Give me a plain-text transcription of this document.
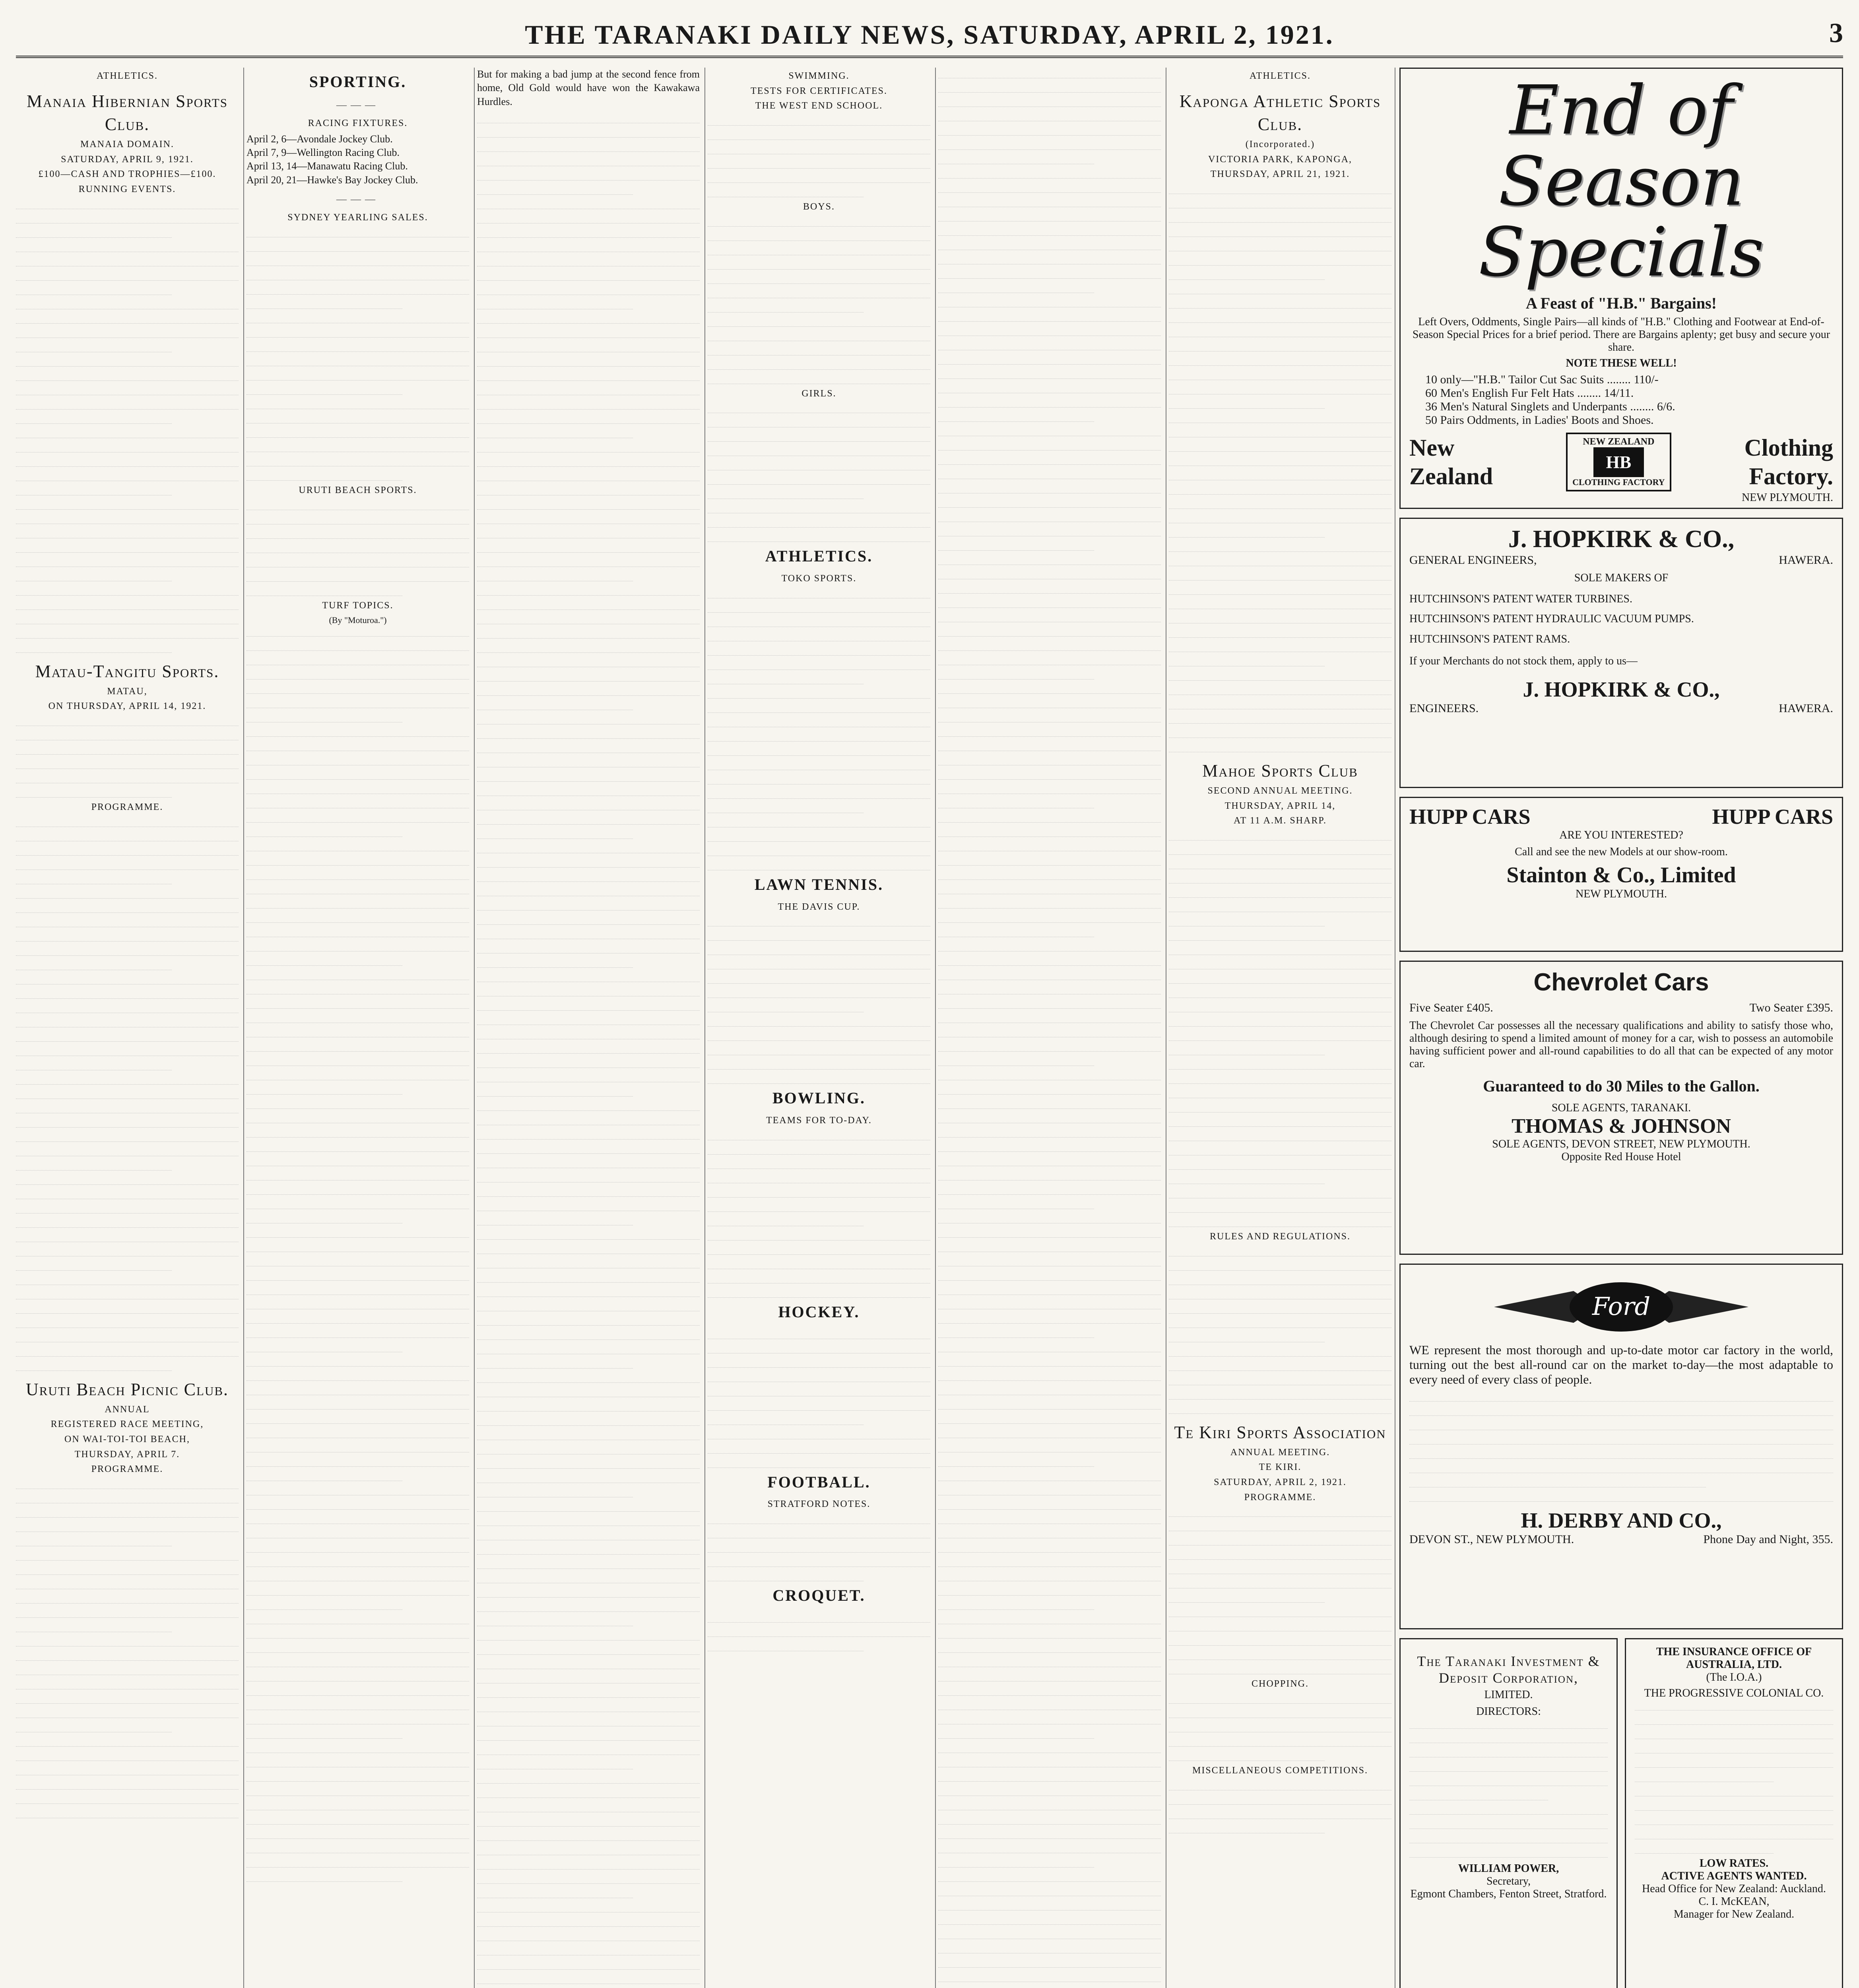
THE TARANAKI DAILY NEWS, SATURDAY, APRIL 2, 1921.	3
ATHLETICS.
Manaia Hibernian Sports Club.
MANAIA DOMAIN.
SATURDAY, APRIL 9, 1921.
£100—CASH AND TROPHIES—£100.
RUNNING EVENTS.
Matau-Tangitu Sports.
MATAU,
ON THURSDAY, APRIL 14, 1921.
PROGRAMME.
Uruti Beach Picnic Club.
ANNUAL
REGISTERED RACE MEETING,
ON WAI-TOI-TOI BEACH,
THURSDAY, APRIL 7.
PROGRAMME.
SPORTING.
———
RACING FIXTURES.
April 2, 6—Avondale Jockey Club.
April 7, 9—Wellington Racing Club.
April 13, 14—Manawatu Racing Club.
April 20, 21—Hawke's Bay Jockey Club.
———
SYDNEY YEARLING SALES.
URUTI BEACH SPORTS.
TURF TOPICS.
(By "Moturoa.")

But for making a bad jump at the second fence from home, Old Gold would have won the Kawakawa Hurdles.

SWIMMING.
TESTS FOR CERTIFICATES.
THE WEST END SCHOOL.
BOYS.
GIRLS.
ATHLETICS.
TOKO SPORTS.
LAWN TENNIS.
THE DAVIS CUP.
BOWLING.
TEAMS FOR TO-DAY.
HOCKEY.
FOOTBALL.
STRATFORD NOTES.
CROQUET.
ATHLETICS.
Kaponga Athletic Sports Club.
(Incorporated.)
VICTORIA PARK, KAPONGA,
THURSDAY, APRIL 21, 1921.
Mahoe Sports Club
SECOND ANNUAL MEETING.
THURSDAY, APRIL 14,
AT 11 A.M. SHARP.
RULES AND REGULATIONS.
Te Kiri Sports Association
ANNUAL MEETING.
TE KIRI.
SATURDAY, APRIL 2, 1921.
PROGRAMME.
CHOPPING.
MISCELLANEOUS COMPETITIONS.
End of Season
Specials
A Feast of "H.B." Bargains!
Left Overs, Oddments, Single Pairs—all kinds of "H.B." Clothing and Footwear at End-of-Season Special Prices for a brief period. There are Bargains aplenty; get busy and secure your share.
NOTE THESE WELL!
10 only—"H.B." Tailor Cut Sac Suits ........ 110/-
60 Men's English Fur Felt Hats ........ 14/11.
36 Men's Natural Singlets and Underpants ........ 6/6.
50 Pairs Oddments, in Ladies' Boots and Shoes.
New
Zealand
NEW ZEALAND
HB
CLOTHING FACTORY
Clothing
Factory.
NEW PLYMOUTH.
J. HOPKIRK & CO.,
GENERAL ENGINEERS,	HAWERA.
SOLE MAKERS OF
HUTCHINSON'S PATENT WATER TURBINES.
HUTCHINSON'S PATENT HYDRAULIC VACUUM PUMPS.
HUTCHINSON'S PATENT RAMS.
If your Merchants do not stock them, apply to us—
J. HOPKIRK & CO.,
ENGINEERS.	HAWERA.
HUPP CARS	HUPP CARS
ARE YOU INTERESTED?
Call and see the new Models at our show-room.
Stainton & Co., Limited
NEW PLYMOUTH.
Chevrolet Cars
Five Seater £405.	Two Seater £395.
The Chevrolet Car possesses all the necessary qualifications and ability to satisfy those who, although desiring to spend a limited amount of money for a car, wish to possess an automobile having sufficient power and all-round capabilities to do all that can be expected of any motor car.
Guaranteed to do 30 Miles to the Gallon.
SOLE AGENTS, TARANAKI.
THOMAS & JOHNSON
SOLE AGENTS, DEVON STREET, NEW PLYMOUTH.
Opposite Red House Hotel
Ford
WE represent the most thorough and up-to-date motor car factory in the world, turning out the best all-round car on the market to-day—the most adaptable to every need of every class of people.
H. DERBY AND CO.,
DEVON ST., NEW PLYMOUTH.	Phone Day and Night, 355.
The Taranaki Investment & Deposit Corporation,
LIMITED.
DIRECTORS:
WILLIAM POWER,
Secretary,
Egmont Chambers, Fenton Street, Stratford.
THE INSURANCE OFFICE OF AUSTRALIA, LTD.
(The I.O.A.)
THE PROGRESSIVE COLONIAL CO.
LOW RATES.
ACTIVE AGENTS WANTED.
Head Office for New Zealand: Auckland.
C. I. McKEAN,
Manager for New Zealand.
